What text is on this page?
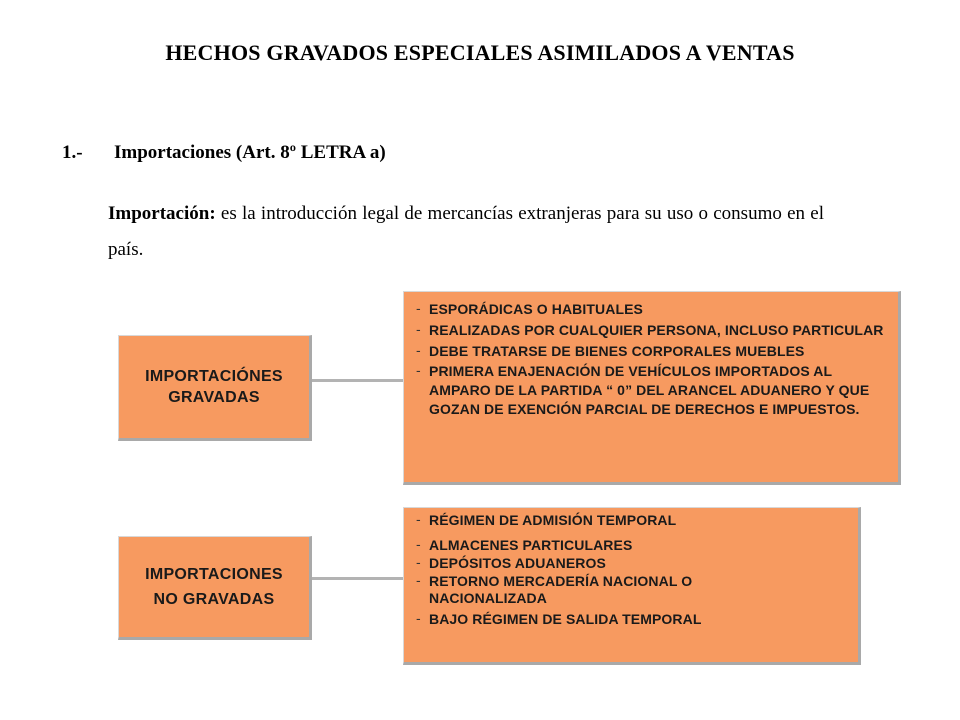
HECHOS GRAVADOS ESPECIALES ASIMILADOS A VENTAS
1.- Importaciones (Art. 8º LETRA a)
Importación: es la introducción legal de mercancías extranjeras para su uso o consumo en el país.
IMPORTACIÓNES GRAVADAS
- ESPORÁDICAS O HABITUALES
- REALIZADAS POR CUALQUIER PERSONA, INCLUSO PARTICULAR
- DEBE TRATARSE DE BIENES CORPORALES MUEBLES
- PRIMERA ENAJENACIÓN DE VEHÍCULOS IMPORTADOS AL AMPARO DE LA PARTIDA “ 0” DEL ARANCEL ADUANERO Y QUE GOZAN DE EXENCIÓN PARCIAL DE DERECHOS E IMPUESTOS.
IMPORTACIONES NO GRAVADAS
- RÉGIMEN DE ADMISIÓN TEMPORAL
- ALMACENES PARTICULARES
- DEPÓSITOS ADUANEROS
- RETORNO MERCADERÍA NACIONAL O NACIONALIZADA
- BAJO RÉGIMEN DE SALIDA TEMPORAL
